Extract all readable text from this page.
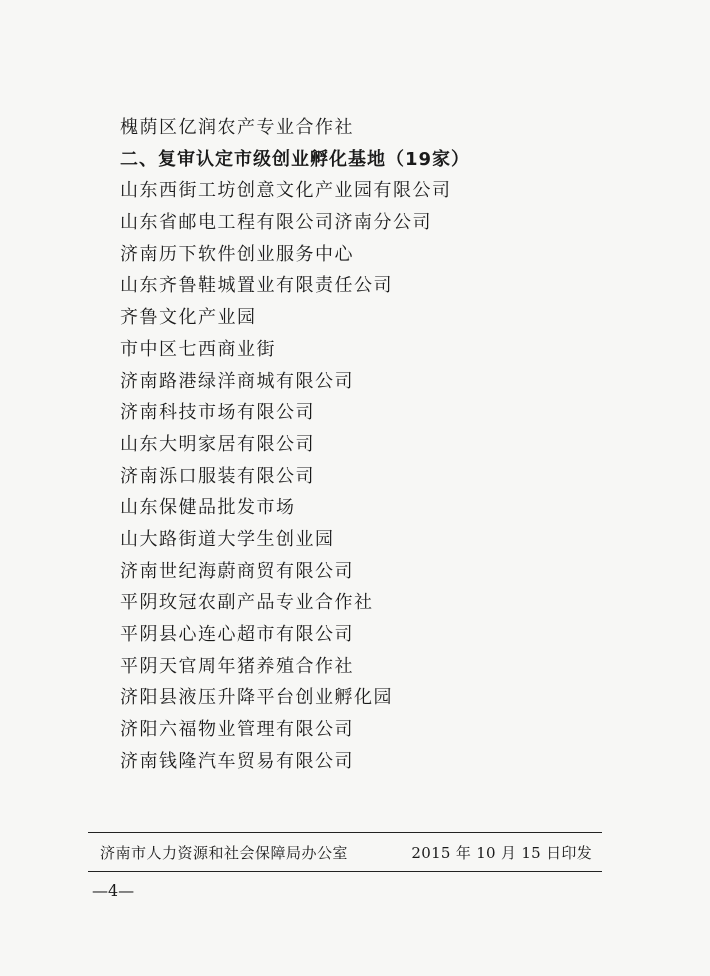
槐荫区亿润农产专业合作社
二、复审认定市级创业孵化基地（19家）
山东西街工坊创意文化产业园有限公司
山东省邮电工程有限公司济南分公司
济南历下软件创业服务中心
山东齐鲁鞋城置业有限责任公司
齐鲁文化产业园
市中区七西商业街
济南路港绿洋商城有限公司
济南科技市场有限公司
山东大明家居有限公司
济南泺口服装有限公司
山东保健品批发市场
山大路街道大学生创业园
济南世纪海蔚商贸有限公司
平阴玫冠农副产品专业合作社
平阴县心连心超市有限公司
平阴天官周年猪养殖合作社
济阳县液压升降平台创业孵化园
济阳六福物业管理有限公司
济南钱隆汽车贸易有限公司
济南市人力资源和社会保障局办公室	2015 年 10 月 15 日印发
—4—
